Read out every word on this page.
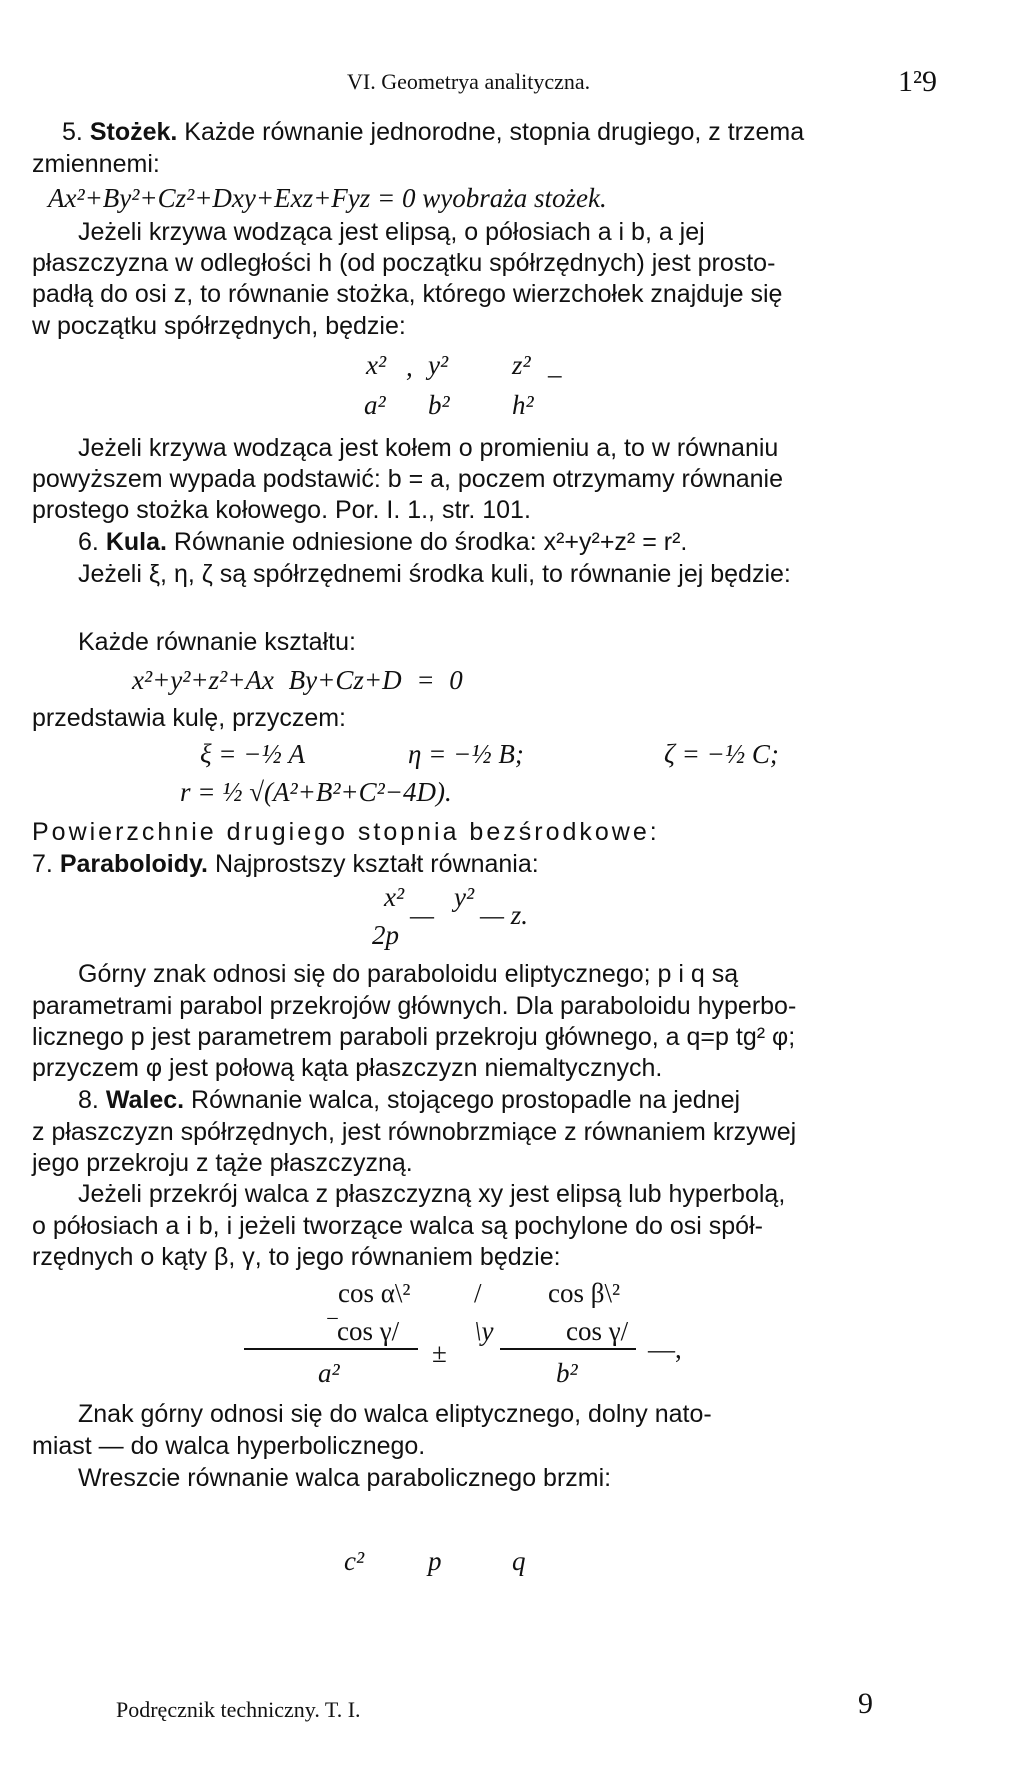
VI. Geometrya analityczna.	1²9
5. Stożek. Każde równanie jednorodne, stopnia drugiego, z trzema
zmiennemi:
Ax²+By²+Cz²+Dxy+Exz+Fyz = 0 wyobraża stożek.
Jeżeli krzywa wodząca jest elipsą, o półosiach a i b, a jej
płaszczyzna w odległości h (od początku spółrzędnych) jest prosto-
padłą do osi z, to równanie stożka, którego wierzchołek znajduje się
w początku spółrzędnych, będzie:
x² , y² z² _
a² b² h²
Jeżeli krzywa wodząca jest kołem o promieniu a, to w równaniu
powyższem wypada podstawić: b = a, poczem otrzymamy równanie
prostego stożka kołowego. Por. I. 1., str. 101.
6. Kula. Równanie odniesione do środka: x²+y²+z² = r².
Jeżeli ξ, η, ζ są spółrzędnemi środka kuli, to równanie jej będzie:
Każde równanie kształtu:
x²+y²+z²+Ax By+Cz+D = 0
przedstawia kulę, przyczem:
ξ = −½ A	η = −½ B;	ζ = −½ C;
r = ½ √(A²+B²+C²−4D).
Powierzchnie drugiego stopnia bezśrodkowe:
7. Paraboloidy. Najprostszy kształt równania:
x² y²
— — z.
2p
Górny znak odnosi się do paraboloidu eliptycznego; p i q są
parametrami parabol przekrojów głównych. Dla paraboloidu hyperbo-
licznego p jest parametrem paraboli przekroju głównego, a q=p tg² φ;
przyczem φ jest połową kąta płaszczyzn niemaltycznych.
8. Walec. Równanie walca, stojącego prostopadle na jednej
z płaszczyzn spółrzędnych, jest równobrzmiące z równaniem krzywej
jego przekroju z tąże płaszczyzną.
Jeżeli przekrój walca z płaszczyzną xy jest elipsą lub hyperbolą,
o półosiach a i b, i jeżeli tworzące walca są pochylone do osi spół-
rzędnych o kąty β, γ, to jego równaniem będzie:
cos α\² / cos β\²
‾cos γ/	\y	cos γ/
±	—,
a²	b²
Znak górny odnosi się do walca eliptycznego, dolny nato-
miast — do walca hyperbolicznego.
Wreszcie równanie walca parabolicznego brzmi:
c² p	q
Podręcznik techniczny. T. I.	9
